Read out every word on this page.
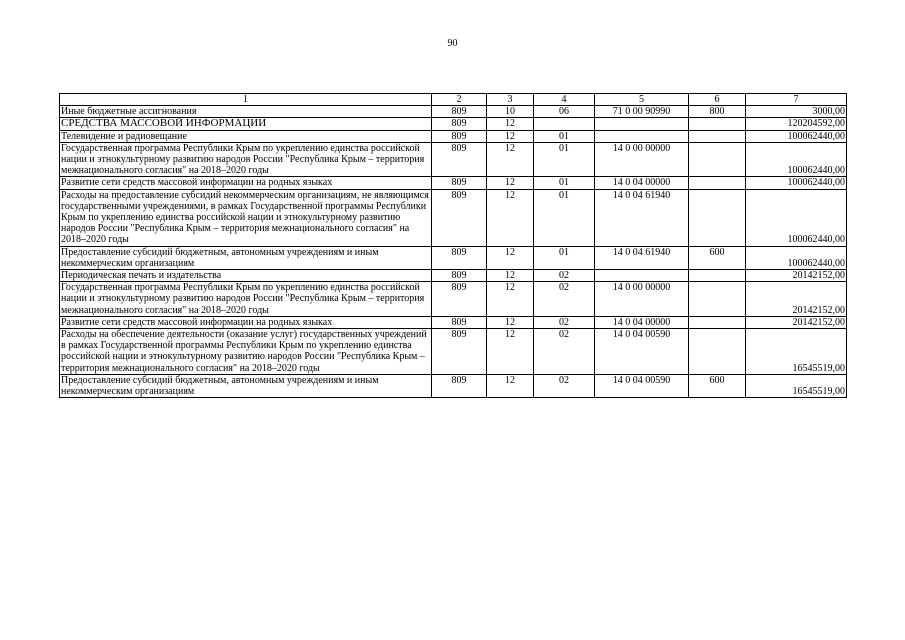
90
1	2	3	4	5	6	7
Иные бюджетные ассигнования	809	10	06	71 0 00 90990	800	3000,00
СРЕДСТВА МАССОВОЙ ИНФОРМАЦИИ	809	12				120204592,00
Телевидение и радиовещание	809	12	01			100062440,00
Государственная программа Республики Крым по укреплению единства российской нации и этнокультурному развитию народов России "Республика Крым – территория межнационального согласия" на 2018–2020 годы	809	12	01	14 0 00 00000		100062440,00
Развитие сети средств массовой информации на родных языках	809	12	01	14 0 04 00000		100062440,00
Расходы на предоставление субсидий некоммерческим организациям, не являющимся государственными учреждениями, в рамках Государственной программы Республики Крым по укреплению единства российской нации и этнокультурному развитию народов России "Республика Крым – территория межнационального согласия" на 2018–2020 годы	809	12	01	14 0 04 61940		100062440,00
Предоставление субсидий бюджетным, автономным учреждениям и иным некоммерческим организациям	809	12	01	14 0 04 61940	600	100062440,00
Периодическая печать и издательства	809	12	02			20142152,00
Государственная программа Республики Крым по укреплению единства российской нации и этнокультурному развитию народов России "Республика Крым – территория межнационального согласия" на 2018–2020 годы	809	12	02	14 0 00 00000		20142152,00
Развитие сети средств массовой информации на родных языках	809	12	02	14 0 04 00000		20142152,00
Расходы на обеспечение деятельности (оказание услуг) государственных учреждений в рамках Государственной программы Республики Крым по укреплению единства российской нации и этнокультурному развитию народов России "Республика Крым – территория межнационального согласия" на 2018–2020 годы	809	12	02	14 0 04 00590		16545519,00
Предоставление субсидий бюджетным, автономным учреждениям и иным некоммерческим организациям	809	12	02	14 0 04 00590	600	16545519,00
